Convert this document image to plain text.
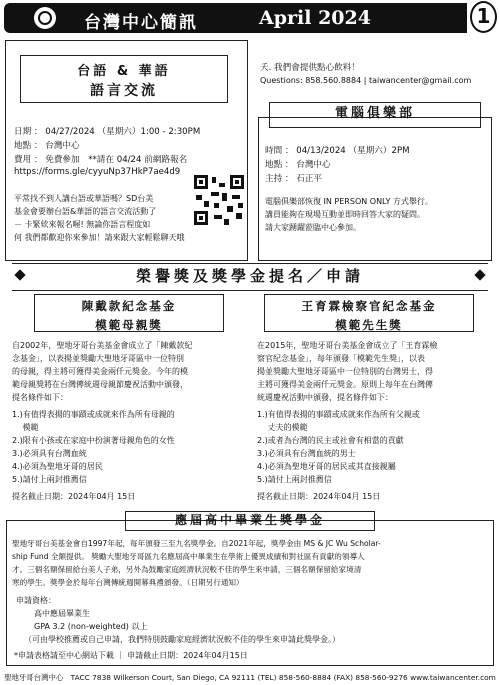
台灣中心簡訊	April 2024	1
台語 & 華語
語言交流
日期 ： 04/27/2024 （星期六）1:00 - 2:30PM
地點 ： 台灣中心
費用 ： 免費參加　**請在 04/24 前網路報名
https://forms.gle/cyyuNp37HkP7ae4d9
平常找不到人講台語或華語嗎？SD台美
基金會要辦台語&華語的語言交流活動了
－ 卡緊欸來報名喔! 無論你語言程度如
何 我們都歡迎你來參加！請來跟大家輕鬆聊天哦
夭. 我們會提供點心飲料！
Questions: 858.560.8884 | taiwancenter@gmail.com
電腦俱樂部
時間 ： 04/13/2024 （星期六）2PM
地點 ： 台灣中心
主持 ： 石正平
電腦俱樂部恢復 IN PERSON ONLY 方式舉行。
講員能夠在現場互動並即時回答大家的疑問。
請大家踴躍蒞臨中心參加。
榮譽獎及獎學金提名／申請
陳戴款紀念基金
模範母親獎
自2002年，聖地牙哥台美基金會成立了「陳戴款紀
念基金」，以表揚並獎勵大聖地牙哥區中一位特別
的母親，得主將可獲得美金兩仟元獎金。今年的模
範母親獎將在台灣傳統週母親節慶祝活動中頒發，
提名條件如下：
1.)有值得表揚的事蹟或成就來作為所有母親的
　 模範
2.)限有小孩或在家庭中扮演著母親角色的女性
3.)必須具有台灣血統
4.)必須為聖地牙哥的居民
5.)請付上兩封推薦信
提名截止日期：2024年04月 15日
王育霖檢察官紀念基金
模範先生獎
在2015年，聖地牙哥台美基金會成立了「王育霖檢
察官紀念基金」，每年頒發「模範先生獎」，以表
揚並獎勵大聖地牙哥區中一位特別的台灣男士，得
主將可獲得美金兩仟元獎金。原則上每年在台灣傳
統週慶祝活動中頒發，提名條件如下：
1.)有值得表揚的事蹟或成就來作為所有父親或
　 丈夫的模範
2.)或者為台灣的民主或社會有相當的貢獻
3.)必須具有台灣血統的男士
4.)必須為聖地牙哥的居民或其直接親屬
5.)請付上兩封推薦信
提名截止日期：2024年04月 15日
應屆高中畢業生獎學金
聖地牙哥台美基金會自1997年起，每年頒發三至九名獎學金。自2021年起，獎學金由 MS & JC Wu Scholar-
ship Fund 全額提供。 獎勵大聖地牙哥區九名應屆高中畢業生在學術上優異成績和對社區有貢獻的領導人
才。三個名額保留給台美人子弟，另外為鼓勵家庭經濟狀況較不佳的學生來申請，三個名額保留給家境清
寒的學生。獎學金於每年台灣傳統週開幕典禮頒發。（日期另行通知）
申請資格：
高中應屆畢業生
GPA 3.2 (non-weighted) 以上
（可由學校推薦或自己申請，我們特別鼓勵家庭經濟狀況較不佳的學生來申請此獎學金。）
*申請表格請至中心網站下載 ｜ 申請截止日期：2024年04月15日
聖地牙哥台灣中心　TACC 7838 Wilkerson Court, San Diego, CA 92111 (TEL) 858-560-8884 (FAX) 858-560-9276 www.taiwancenter.com
